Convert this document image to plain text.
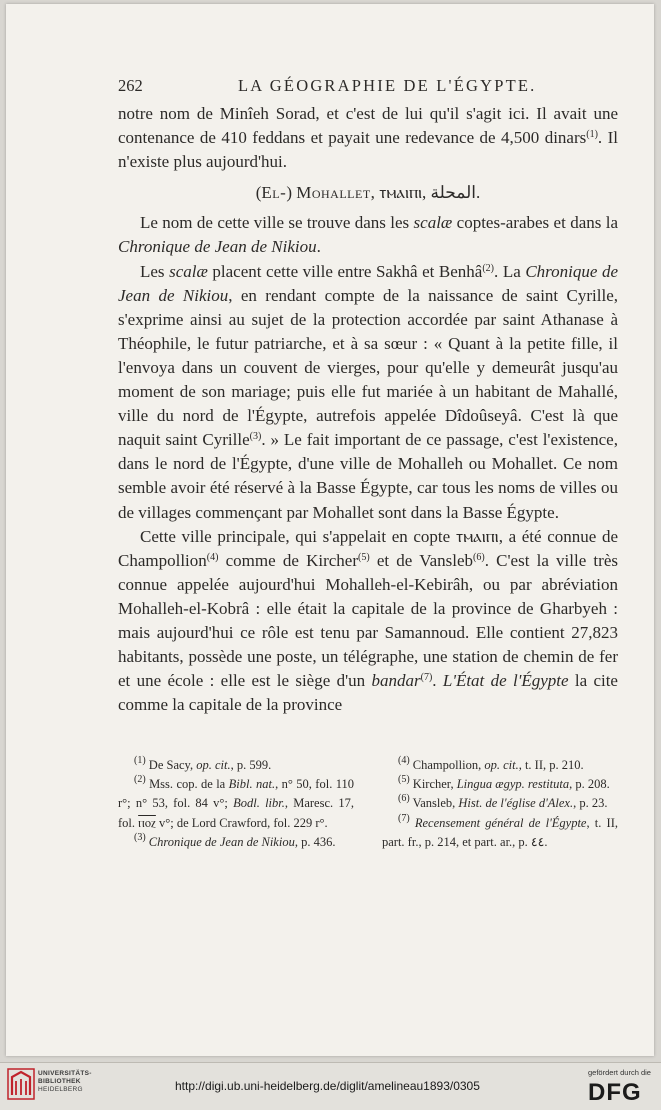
262	LA GÉOGRAPHIE DE L'ÉGYPTE.

notre nom de Minîeh Sorad, et c'est de lui qu'il s'agit ici. Il avait une contenance de 410 feddans et payait une redevance de 4,500 dinars$^{(1)}$. Il n'existe plus aujourd'hui.

(El-) Mohallet, ⲧⲙⲁⲓⲡⲓ, المحلة.

Le nom de cette ville se trouve dans les scalæ coptes-arabes et dans la Chronique de Jean de Nikiou.

Les scalæ placent cette ville entre Sakhâ et Benhâ$^{(2)}$. La Chronique de Jean de Nikiou, en rendant compte de la naissance de saint Cyrille, s'exprime ainsi au sujet de la protection accordée par saint Athanase à Théophile, le futur patriarche, et à sa sœur : « Quant à la petite fille, il l'envoya dans un couvent de vierges, pour qu'elle y demeurât jusqu'au moment de son mariage; puis elle fut mariée à un habitant de Mahallé, ville du nord de l'Égypte, autrefois appelée Dîdoûseyâ. C'est là que naquit saint Cyrille$^{(3)}$. » Le fait important de ce passage, c'est l'existence, dans le nord de l'Égypte, d'une ville de Mohalleh ou Mohallet. Ce nom semble avoir été réservé à la Basse Égypte, car tous les noms de villes ou de villages commençant par Mohallet sont dans la Basse Égypte.

Cette ville principale, qui s'appelait en copte ⲧⲙⲁⲓⲡⲓ, a été connue de Champollion$^{(4)}$ comme de Kircher$^{(5)}$ et de Vansleb$^{(6)}$. C'est la ville très connue appelée aujourd'hui Mohalleh-el-Kebirâh, ou par abréviation Mohalleh-el-Kobrâ : elle était la capitale de la province de Gharbyeh : mais aujourd'hui ce rôle est tenu par Samannoud. Elle contient 27,823 habitants, possède une poste, un télégraphe, une station de chemin de fer et une école : elle est le siège d'un bandar$^{(7)}$. L'État de l'Égypte la cite comme la capitale de la province

$^{(1)}$ De Sacy, op. cit., p. 599.

$^{(2)}$ Mss. cop. de la Bibl. nat., n° 50, fol. 110 r°; n° 53, fol. 84 v°; Bodl. libr., Maresc. 17, fol. ⲡⲟⲍ v°; de Lord Crawford, fol. 229 r°.

$^{(3)}$ Chronique de Jean de Nikiou, p. 436.

$^{(4)}$ Champollion, op. cit., t. II, p. 210.

$^{(5)}$ Kircher, Lingua ægyp. restituta, p. 208.

$^{(6)}$ Vansleb, Hist. de l'église d'Alex., p. 23.

$^{(7)}$ Recensement général de l'Égypte, t. II, part. fr., p. 214, et part. ar., p. ٤٤.

UNIVERSITÄTS-
BIBLIOTHEK
HEIDELBERG	http://digi.ub.uni-heidelberg.de/diglit/amelineau1893/0305
gefördert durch die
DFG
